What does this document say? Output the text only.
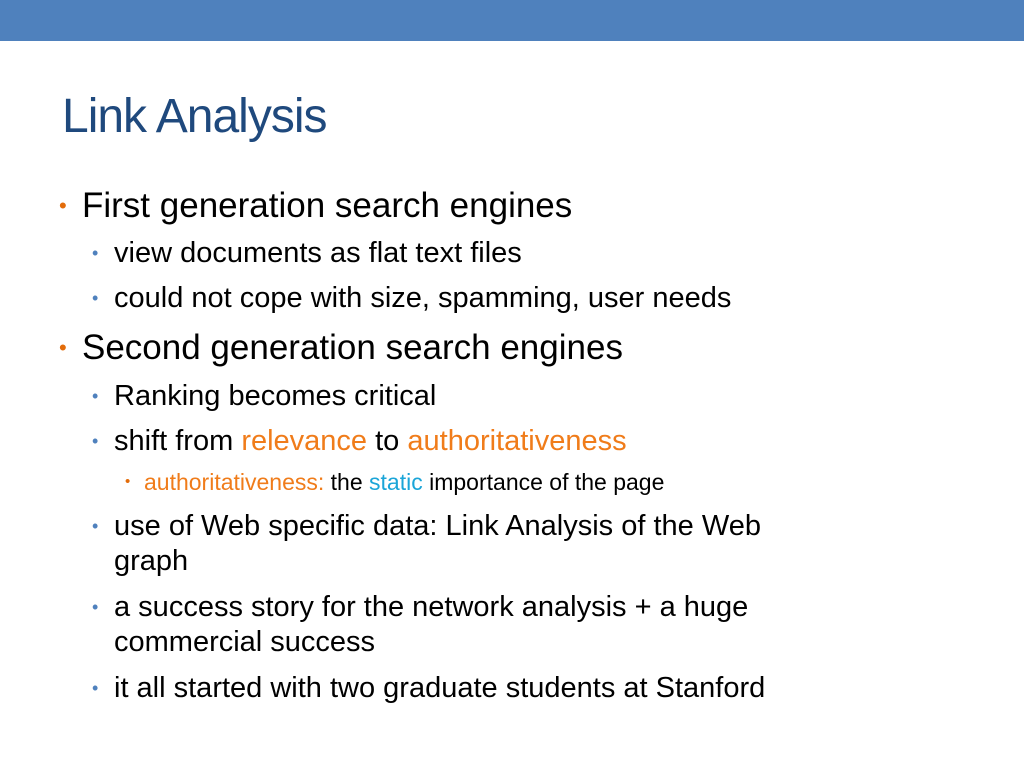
Link Analysis
• First generation search engines
• view documents as flat text files
• could not cope with size, spamming, user needs
• Second generation search engines
• Ranking becomes critical
• shift from relevance to authoritativeness
• authoritativeness: the static importance of the page
• use of Web specific data: Link Analysis of the Web
graph
• a success story for the network analysis + a huge
commercial success
• it all started with two graduate students at Stanford
